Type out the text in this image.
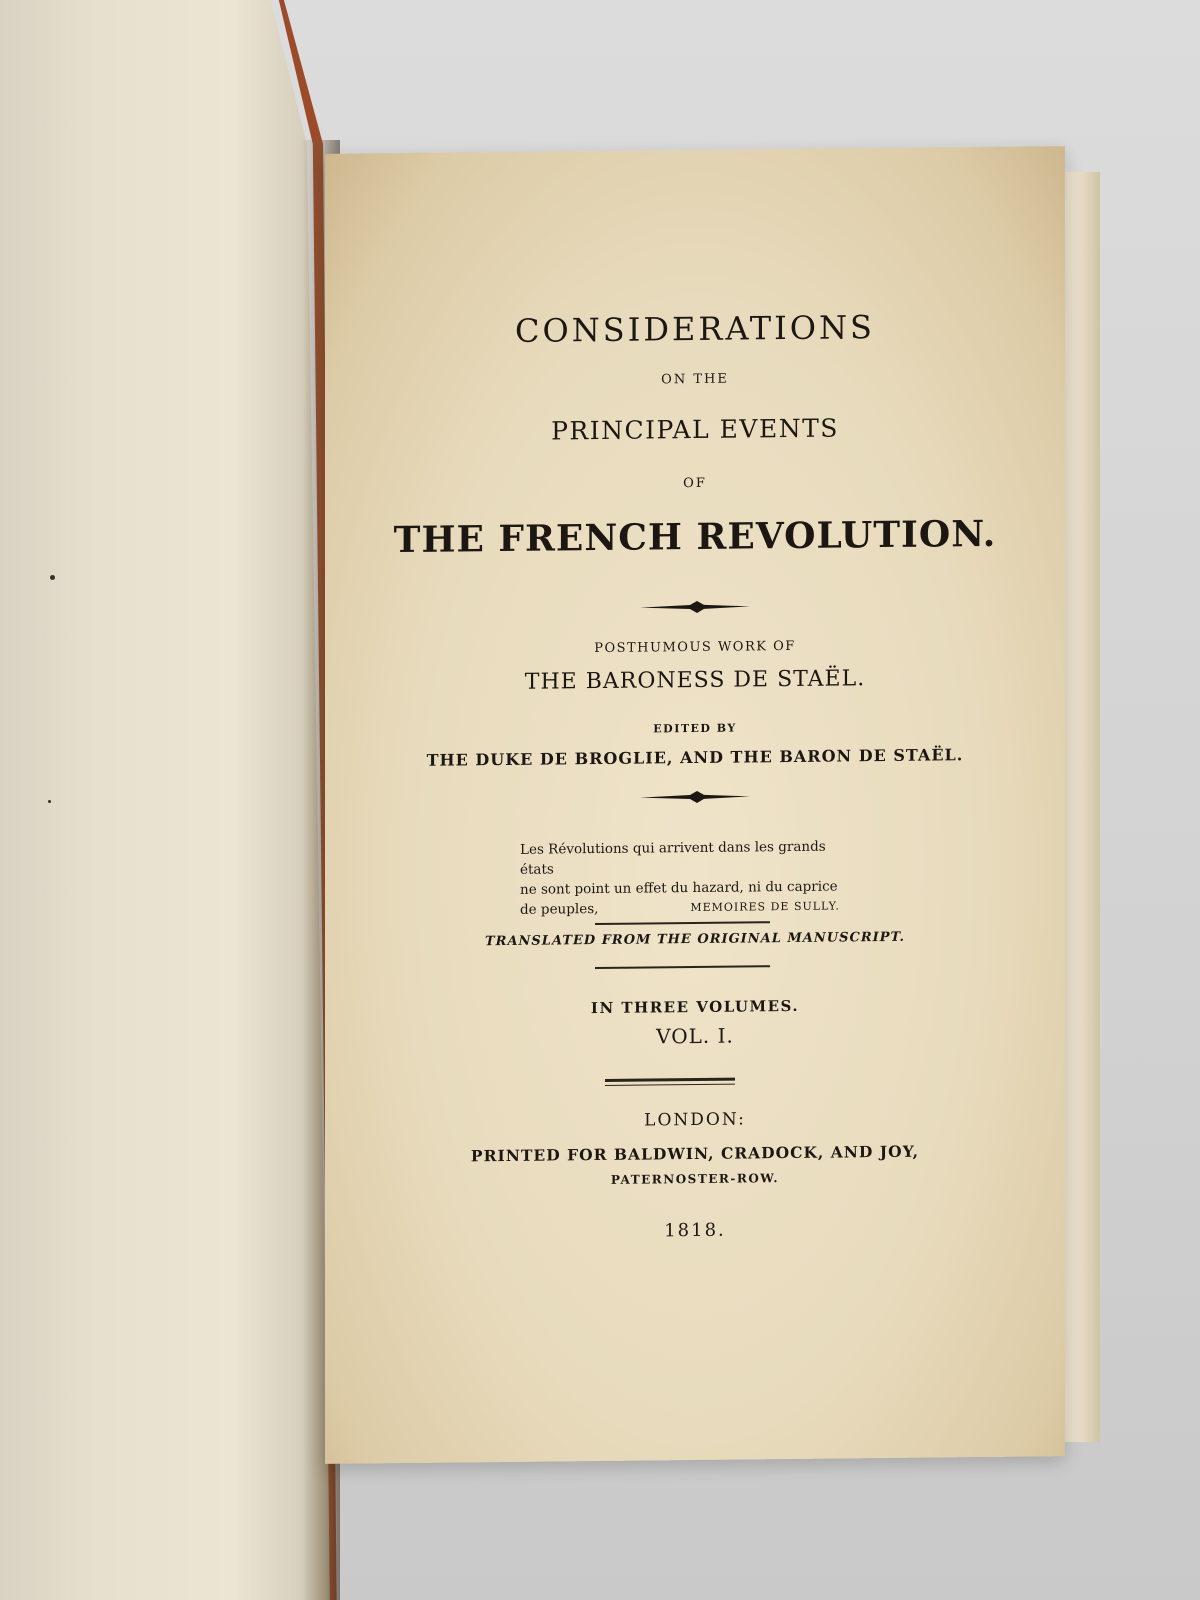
CONSIDERATIONS

ON THE

PRINCIPAL EVENTS

OF

THE FRENCH REVOLUTION.

POSTHUMOUS WORK OF

THE BARONESS DE STAËL.

EDITED BY

THE DUKE DE BROGLIE, AND THE BARON DE STAËL.

Les Révolutions qui arrivent dans les grands états
ne sont point un effet du hazard, ni du caprice
de peuples,	MEMOIRES DE SULLY.

TRANSLATED FROM THE ORIGINAL MANUSCRIPT.

IN THREE VOLUMES.

VOL. I.

LONDON:

PRINTED FOR BALDWIN, CRADOCK, AND JOY,

PATERNOSTER-ROW.

1818.
